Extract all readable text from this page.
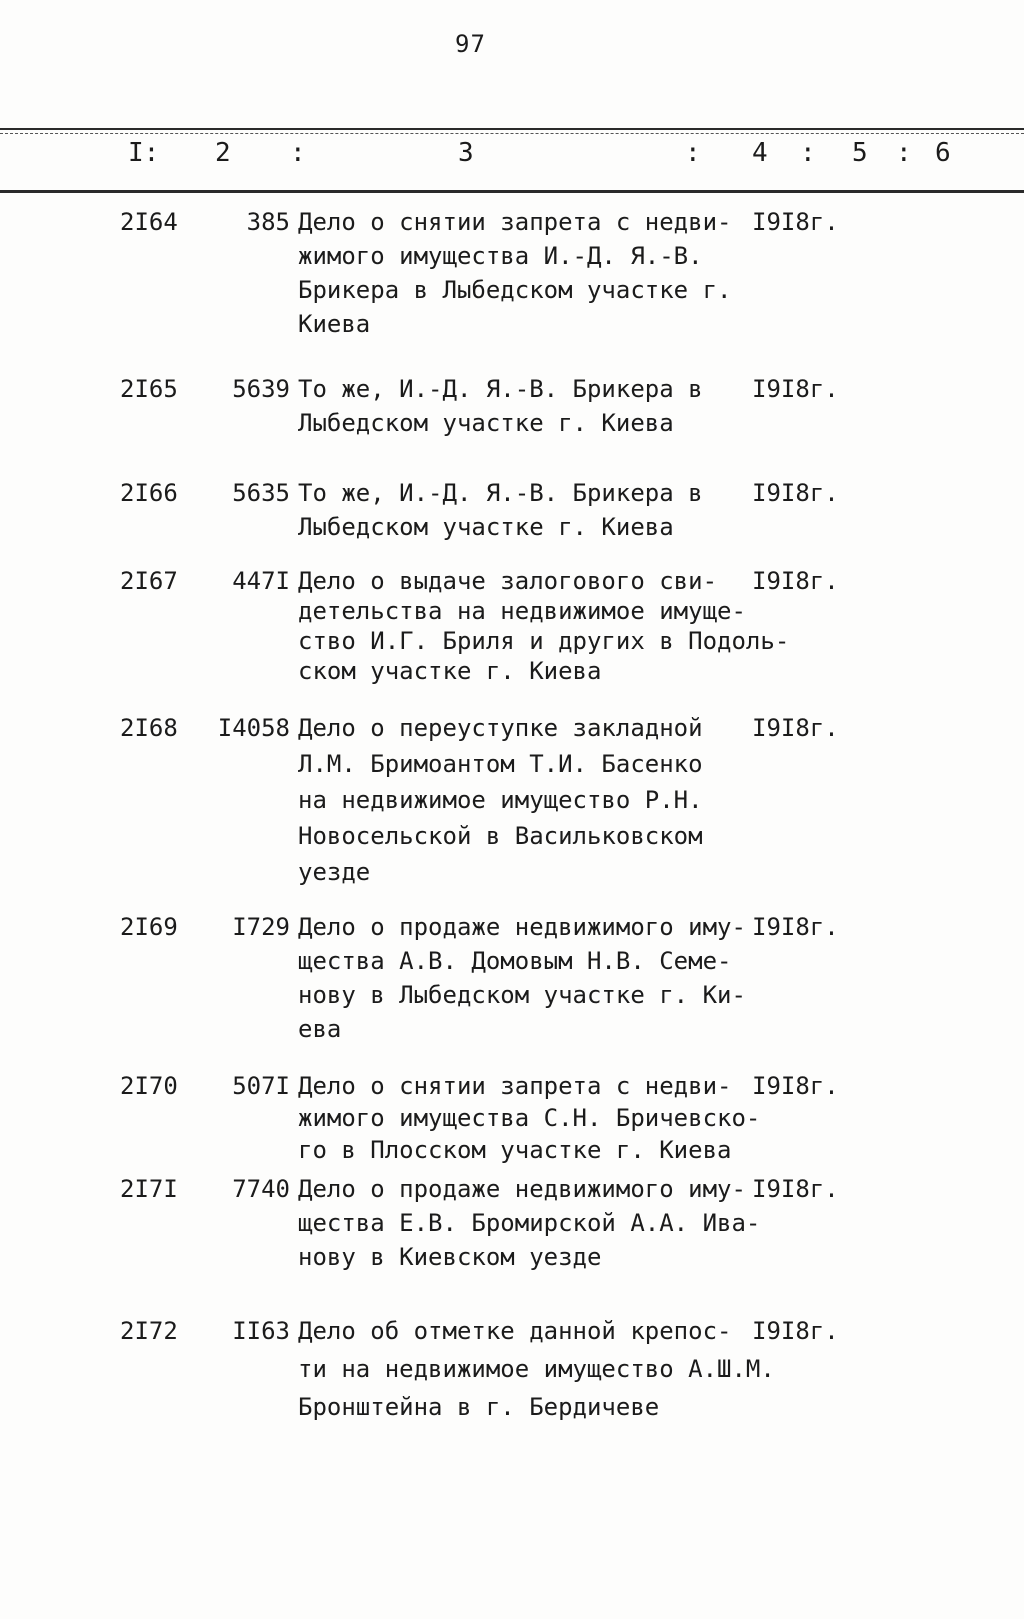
97
I: 2 :	3	: 4 : 5 : 6
2I64	385 Дело о снятии запрета с недви-
жимого имущества И.-Д. Я.-В.
Брикера в Лыбедском участке г.
Киева
I9I8г.
2I65	5639 То же, И.-Д. Я.-В. Брикера в
Лыбедском участке г. Киева
I9I8г.
2I66	5635 То же, И.-Д. Я.-В. Брикера в
Лыбедском участке г. Киева
I9I8г.
2I67	447I Дело о выдаче залогового сви-
детельства на недвижимое имуще-
ство И.Г. Бриля и других в Подоль-
ском участке г. Киева
I9I8г.
2I68	I4058 Дело о переуступке закладной
Л.М. Бримоантом Т.И. Басенко
на недвижимое имущество Р.Н.
Новосельской в Васильковском
уезде
I9I8г.
2I69	I729 Дело о продаже недвижимого иму-
щества А.В. Домовым Н.В. Семе-
нову в Лыбедском участке г. Ки-
ева
I9I8г.
2I70	507I Дело о снятии запрета с недви-
жимого имущества С.Н. Бричевско-
го в Плосском участке г. Киева
I9I8г.
2I7I	7740 Дело о продаже недвижимого иму-
щества Е.В. Бромирской А.А. Ива-
нову в Киевском уезде
I9I8г.
2I72	II63 Дело об отметке данной крепос-
ти на недвижимое имущество А.Ш.М.
Бронштейна в г. Бердичеве
I9I8г.
